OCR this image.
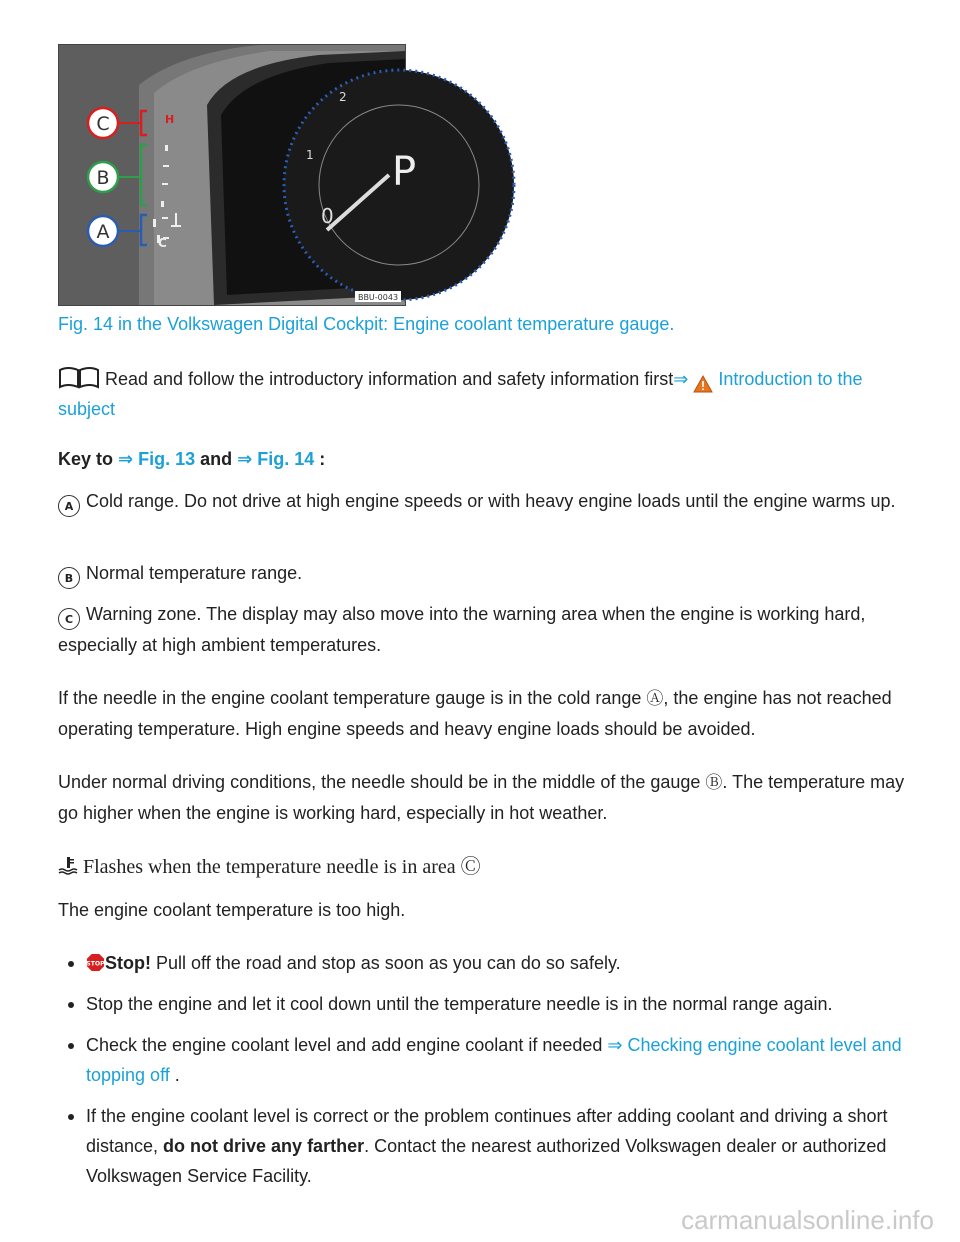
2
1
0
P
H
C
C
B
A
BBU-0043
Fig. 14 in the Volkswagen Digital Cockpit: Engine coolant temperature gauge.
Read and follow the introductory information and safety information first⇒  Introduction to the subject
Key to ⇒ Fig. 13 and ⇒ Fig. 14 :
A Cold range. Do not drive at high engine speeds or with heavy engine loads until the engine warms up.
B Normal temperature range.
C Warning zone. The display may also move into the warning area when the engine is working hard, especially at high ambient temperatures.
If the needle in the engine coolant temperature gauge is in the cold range Ⓐ, the engine has not reached operating temperature. High engine speeds and heavy engine loads should be avoided.
Under normal driving conditions, the needle should be in the middle of the gauge Ⓑ. The temperature may go higher when the engine is working hard, especially in hot weather.
Flashes when the temperature needle is in area Ⓒ
The engine coolant temperature is too high.
STOP Stop! Pull off the road and stop as soon as you can do so safely.
Stop the engine and let it cool down until the temperature needle is in the normal range again.
Check the engine coolant level and add engine coolant if needed ⇒ Checking engine coolant level and topping off .
If the engine coolant level is correct or the problem continues after adding coolant and driving a short distance, do not drive any farther. Contact the nearest authorized Volkswagen dealer or authorized Volkswagen Service Facility.
carmanualsonline.info
